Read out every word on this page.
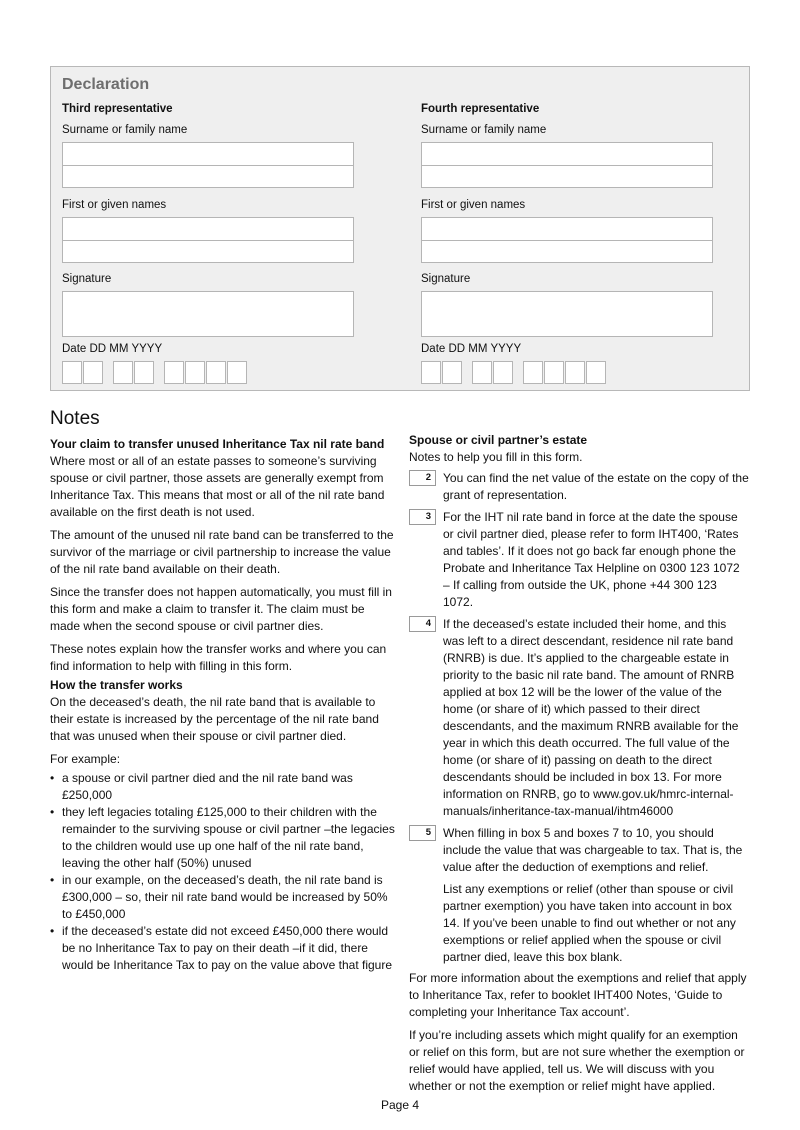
Declaration
Third representative
Surname or family name
First or given names
Signature
Date DD MM YYYY
Fourth representative
Surname or family name
First or given names
Signature
Date DD MM YYYY
Notes
Your claim to transfer unused Inheritance Tax nil rate band

Where most or all of an estate passes to someone’s surviving spouse or civil partner, those assets are generally exempt from Inheritance Tax. This means that most or all of the nil rate band available on the first death is not used.

The amount of the unused nil rate band can be transferred to the survivor of the marriage or civil partnership to increase the value of the nil rate band available on their death.

Since the transfer does not happen automatically, you must fill in this form and make a claim to transfer it. The claim must be made when the second spouse or civil partner dies.

These notes explain how the transfer works and where you can find information to help with filling in this form.

How the transfer works

On the deceased’s death, the nil rate band that is available to their estate is increased by the percentage of the nil rate band that was unused when their spouse or civil partner died.

For example:

• a spouse or civil partner died and the nil rate band was £250,000
• they left legacies totaling £125,000 to their children with the remainder to the surviving spouse or civil partner –the legacies to the children would use up one half of the nil rate band, leaving the other half (50%) unused
• in our example, on the deceased’s death, the nil rate band is £300,000 – so, their nil rate band would be increased by 50% to £450,000
• if the deceased’s estate did not exceed £450,000 there would be no Inheritance Tax to pay on their death –if it did, there would be Inheritance Tax to pay on the value above that figure
Spouse or civil partner’s estate

Notes to help you fill in this form.

2	You can find the net value of the estate on the copy of the grant of representation.

3	For the IHT nil rate band in force at the date the spouse or civil partner died, please refer to form IHT400, ‘Rates and tables’. If it does not go back far enough phone the Probate and Inheritance Tax Helpline on 0300 123 1072 – If calling from outside the UK, phone +44 300 123 1072.

4	If the deceased’s estate included their home, and this was left to a direct descendant, residence nil rate band (RNRB) is due. It’s applied to the chargeable estate in priority to the basic nil rate band. The amount of RNRB applied at box 12 will be the lower of the value of the home (or share of it) which passed to their direct descendants, and the maximum RNRB available for the year in which this death occurred. The full value of the home (or share of it) passing on death to the direct descendants should be included in box 13. For more information on RNRB, go to www.gov.uk/hmrc-internal-manuals/inheritance-tax-manual/ihtm46000

5	When filling in box 5 and boxes 7 to 10, you should include the value that was chargeable to tax. That is, the value after the deduction of exemptions and relief.

List any exemptions or relief (other than spouse or civil partner exemption) you have taken into account in box 14. If you’ve been unable to find out whether or not any exemptions or relief applied when the spouse or civil partner died, leave this box blank.

For more information about the exemptions and relief that apply to Inheritance Tax, refer to booklet IHT400 Notes, ‘Guide to completing your Inheritance Tax account’.

If you’re including assets which might qualify for an exemption or relief on this form, but are not sure whether the exemption or relief would have applied, tell us. We will discuss with you whether or not the exemption or relief might have applied.

Page 4
